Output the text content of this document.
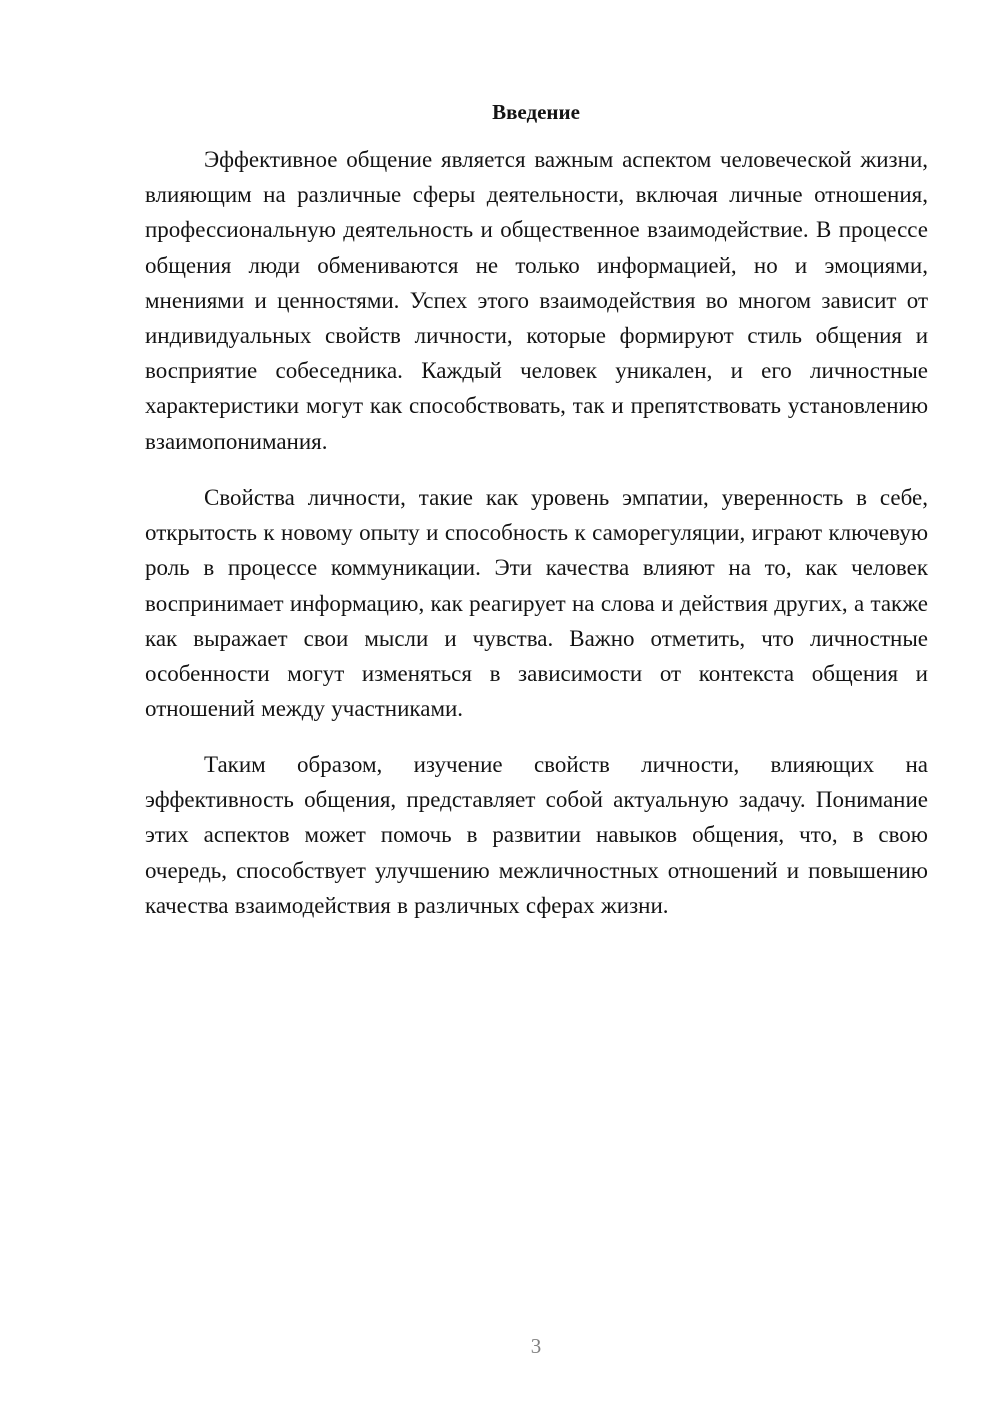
Введение

Эффективное общение является важным аспектом человеческой жизни, влияющим на различные сферы деятельности, включая личные отношения, профессиональную деятельность и общественное взаимодействие. В процессе общения люди обмениваются не только информацией, но и эмоциями, мнениями и ценностями. Успех этого взаимодействия во многом зависит от индивидуальных свойств личности, которые формируют стиль общения и восприятие собеседника. Каждый человек уникален, и его личностные характеристики могут как способствовать, так и препятствовать установлению взаимопонимания.

Свойства личности, такие как уровень эмпатии, уверенность в себе, открытость к новому опыту и способность к саморегуляции, играют ключевую роль в процессе коммуникации. Эти качества влияют на то, как человек воспринимает информацию, как реагирует на слова и действия других, а также как выражает свои мысли и чувства. Важно отметить, что личностные особенности могут изменяться в зависимости от контекста общения и отношений между участниками.

Таким образом, изучение свойств личности, влияющих на эффективность общения, представляет собой актуальную задачу. Понимание этих аспектов может помочь в развитии навыков общения, что, в свою очередь, способствует улучшению межличностных отношений и повышению качества взаимодействия в различных сферах жизни.

3
